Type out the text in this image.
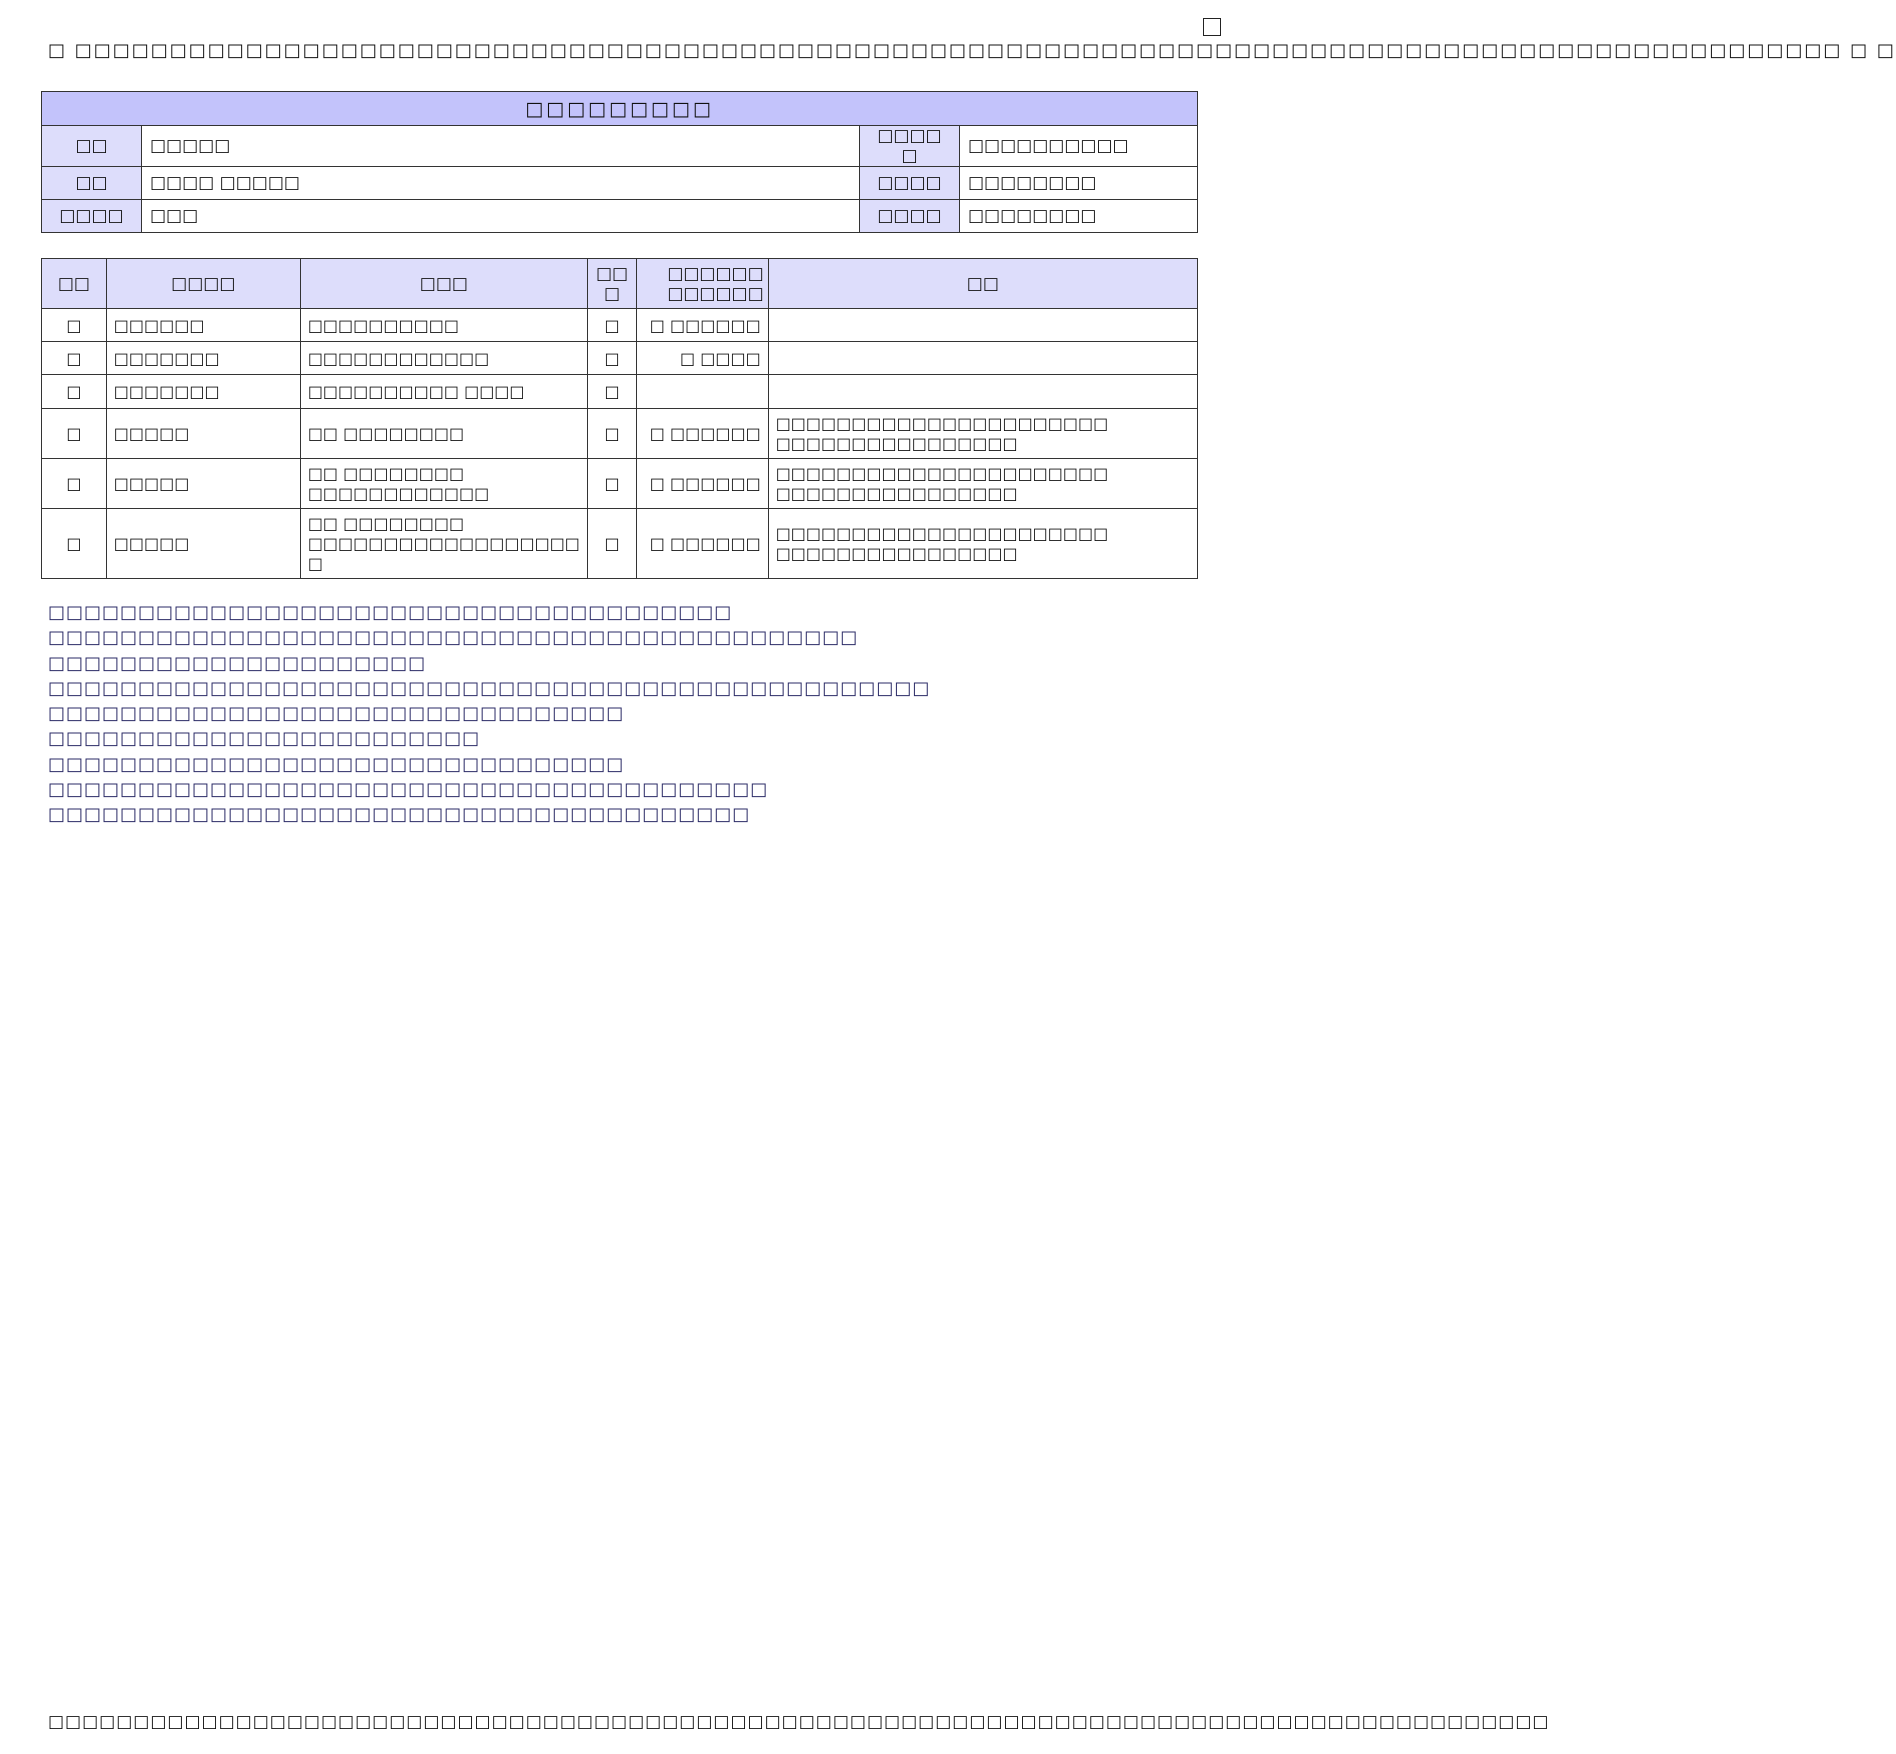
□ □□□□□□□□□□□□□□□□□□□□□□□□□□□□□□□□□□□□□□□□□□□□□□□□□□□□□□□□□□□□□□□□□□□□□□□□□□□□□□□□□□□□□□□□□□□□□ □ □
□□□□□□□□□			
□□	□□□□□	□□□□ □	□□□□□□□□□□
□□	□□□□ □□□□□	□□□□	□□□□□□□□
□□□□	□□□	□□□□	□□□□□□□□
□□	□□□□	□□□	□□ □	□□□□□□ □□□□□□	□□
□	□□□□□□	□□□□□□□□□□	□	□ □□□□□□	
□	□□□□□□□	□□□□□□□□□□□□	□	□ □□□□	
□	□□□□□□□	□□□□□□□□□□ □□□□	□		
□	□□□□□	□□ □□□□□□□□	□	□ □□□□□□	□□□□□□□□□□□□□□□□□□□□□□ □□□□□□□□□□□□□□□□
□	□□□□□	□□ □□□□□□□□ □□□□□□□□□□□□	□	□ □□□□□□	□□□□□□□□□□□□□□□□□□□□□□ □□□□□□□□□□□□□□□□
□	□□□□□	□□ □□□□□□□□ □□□□□□□□□□□□□□□□□□ □	□	□ □□□□□□	□□□□□□□□□□□□□□□□□□□□□□ □□□□□□□□□□□□□□□□
□□□□□□□□□□□□□□□□□□□□□□□□□□□□□□□□□□□□□□
□□□□□□□□□□□□□□□□□□□□□□□□□□□□□□□□□□□□□□□□□□□□□
□□□□□□□□□□□□□□□□□□□□□
□□□□□□□□□□□□□□□□□□□□□□□□□□□□□□□□□□□□□□□□□□□□□□□□□
□□□□□□□□□□□□□□□□□□□□□□□□□□□□□□□□
□□□□□□□□□□□□□□□□□□□□□□□□
□□□□□□□□□□□□□□□□□□□□□□□□□□□□□□□□
□□□□□□□□□□□□□□□□□□□□□□□□□□□□□□□□□□□□□□□□
□□□□□□□□□□□□□□□□□□□□□□□□□□□□□□□□□□□□□□□
□□□□□□□□□□□□□□□□□□□□□□□□□□□□□□□□□□□□□□□□□□□□□□□□□□□□□□□□□□□□□□□□□□□□□□□□□□□□□□□□□□□□□□□□
